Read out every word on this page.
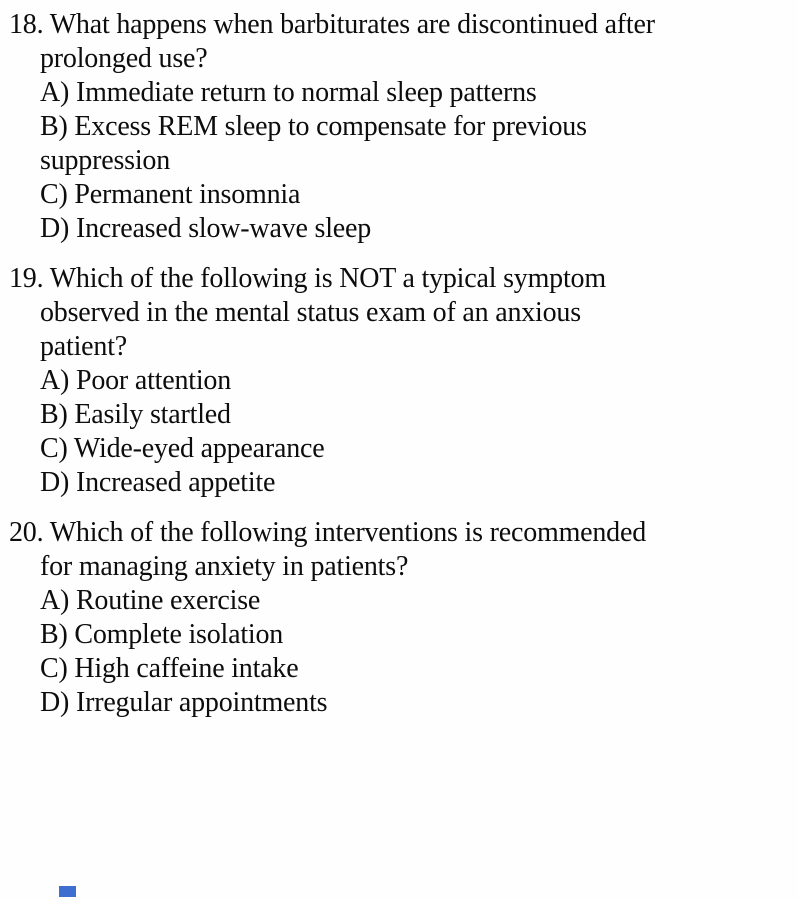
18. What happens when barbiturates are discontinued after
prolonged use?
A) Immediate return to normal sleep patterns
B) Excess REM sleep to compensate for previous
suppression
C) Permanent insomnia
D) Increased slow-wave sleep
19. Which of the following is NOT a typical symptom
observed in the mental status exam of an anxious
patient?
A) Poor attention
B) Easily startled
C) Wide-eyed appearance
D) Increased appetite
20. Which of the following interventions is recommended
for managing anxiety in patients?
A) Routine exercise
B) Complete isolation
C) High caffeine intake
D) Irregular appointments
